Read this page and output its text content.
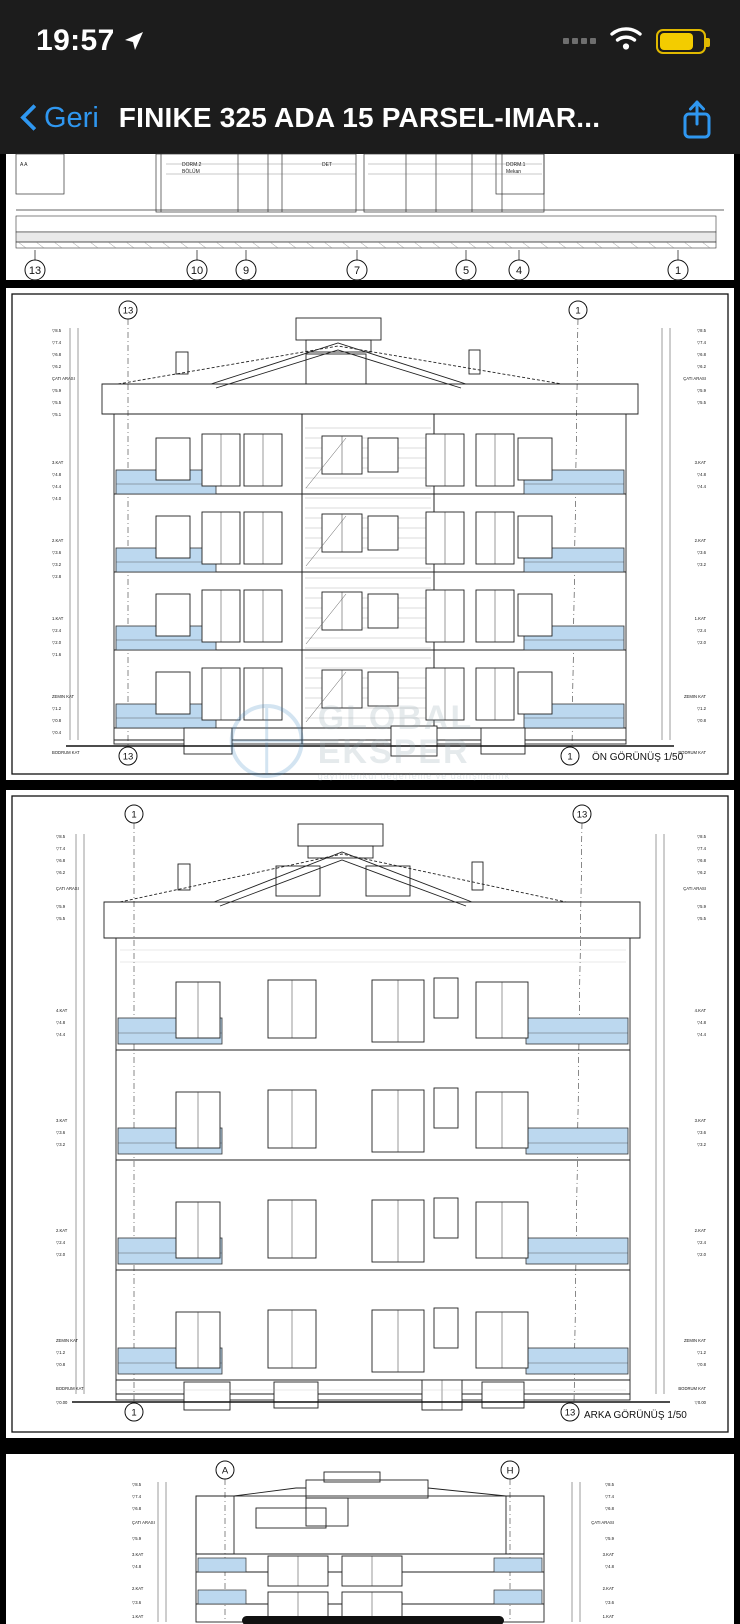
19:57
Geri FINIKE 325 ADA 15 PARSEL-IMAR...
DORM.2
BÖLÜM
DORM.1
Mekan
A A	DET
13	10	9	7	5	4	1
13	1
13	1
▽8.5
▽7.4
▽6.8
▽6.2
ÇATI ARASI
▽5.9
▽5.5
▽5.1
3.KAT
▽4.8
▽4.4
▽4.0
2.KAT
▽3.6
▽3.2
▽2.8
1.KAT
▽2.4
▽2.0
▽1.6
ZEMIN KAT
▽1.2
▽0.8
▽0.4
BODRUM KAT
▽8.5
▽7.4
▽6.8
▽6.2
ÇATI ARASI
▽5.9
▽5.5
3.KAT
▽4.8
▽4.4
2.KAT
▽3.6
▽3.2
1.KAT
▽2.4
▽2.0
ZEMIN KAT
▽1.2
▽0.8
BODRUM KAT
ÖN GÖRÜNÜŞ 1/50
GLOBAL
EKSPER
gayrimenkul değerleme ve danışmanlık
1	13
1	13
▽8.5
▽7.4
▽6.8
▽6.2
ÇATI ARASI
▽5.9
▽5.5
4.KAT
▽4.8
▽4.4
3.KAT
▽3.6
▽3.2
2.KAT
▽2.4
▽2.0
ZEMIN KAT
▽1.2
▽0.8
BODRUM KAT
▽0.00
▽8.5
▽7.4
▽6.8
▽6.2
ÇATI ARASI
▽5.9
▽5.5
4.KAT
▽4.8
▽4.4
3.KAT
▽3.6
▽3.2
2.KAT
▽2.4
▽2.0
ZEMIN KAT
▽1.2
▽0.8
BODRUM KAT
▽0.00
ARKA GÖRÜNÜŞ 1/50
A	H
▽8.5
▽7.4
▽6.8
ÇATI ARASI
▽5.9
3.KAT
▽4.8
2.KAT
▽3.6
1.KAT
▽8.5
▽7.4
▽6.8
ÇATI ARASI
▽5.9
3.KAT
▽4.8
2.KAT
▽3.6
1.KAT
